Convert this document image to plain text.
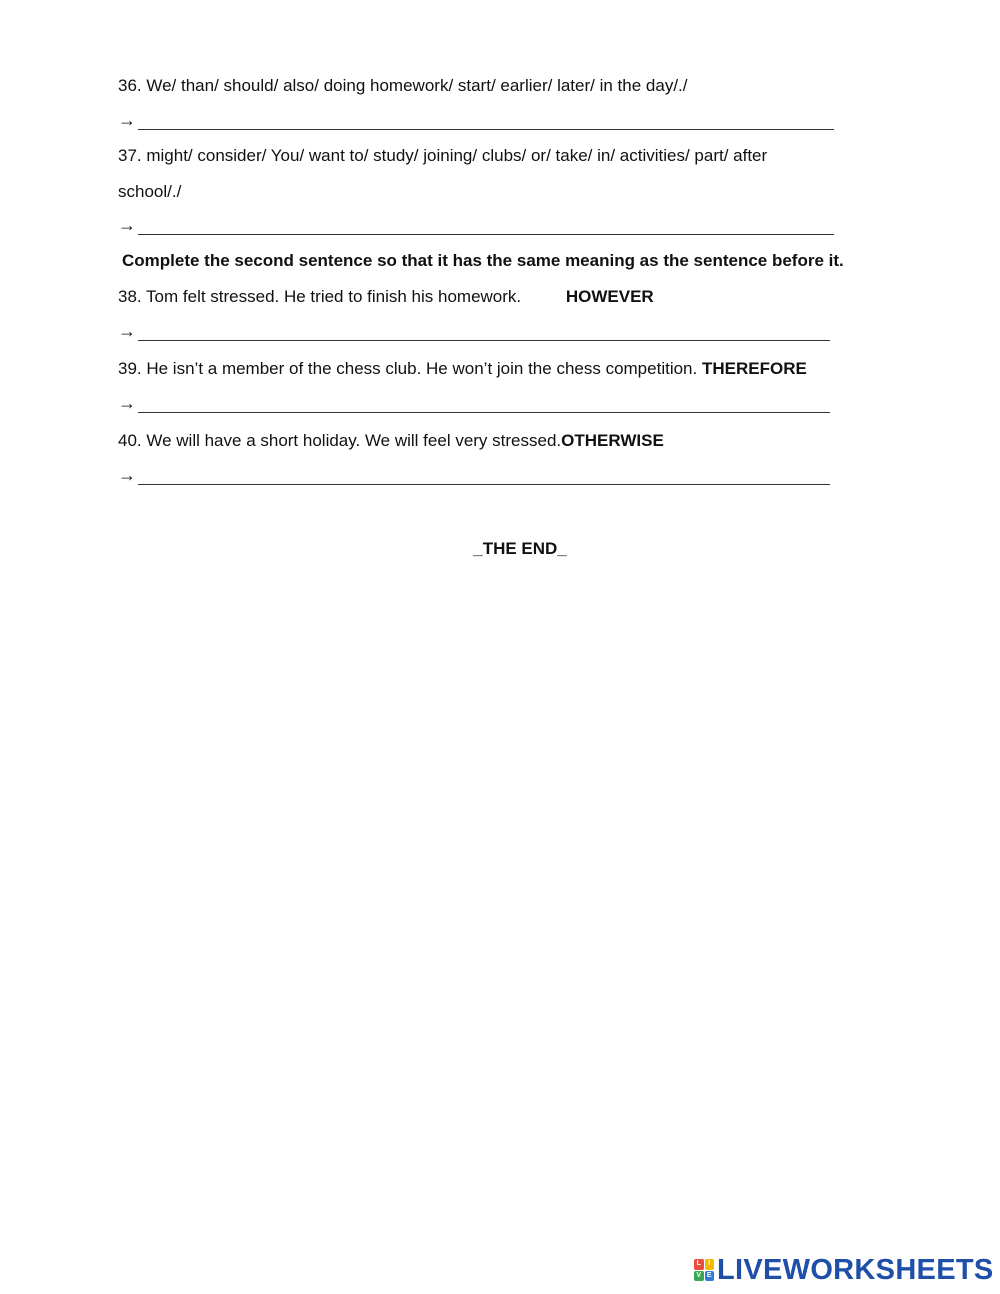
36. We/ than/ should/ also/ doing homework/ start/ earlier/ later/ in the day/./
→
37. might/ consider/ You/ want to/ study/ joining/ clubs/ or/ take/ in/ activities/ part/ after
school/./
→
Complete the second sentence so that it has the same meaning as the sentence before it.
38. Tom felt stressed. He tried to finish his homework.	HOWEVER
→
39. He isn’t a member of the chess club. He won’t join the chess competition. THEREFORE
→
40. We will have a short holiday. We will feel very stressed.OTHERWISE
→
_THE END_
L	I
V E LIVEWORKSHEETS
